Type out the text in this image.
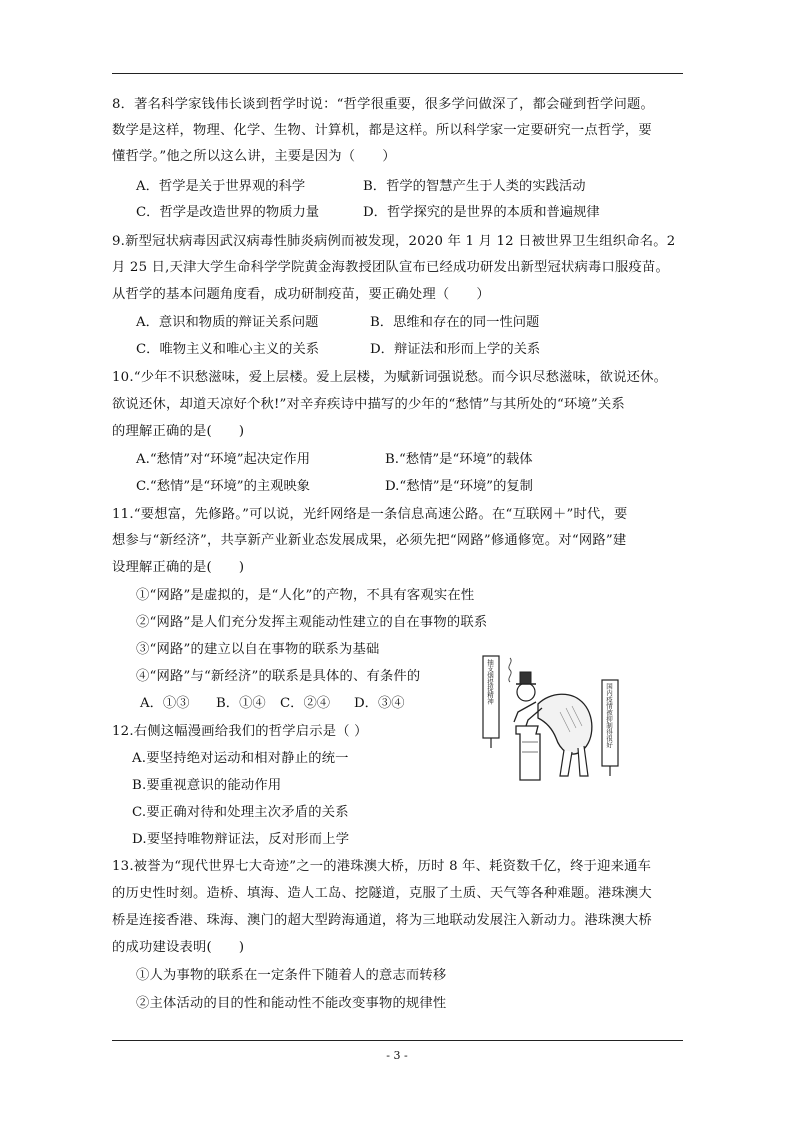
8．著名科学家钱伟长谈到哲学时说：“哲学很重要，很多学问做深了，都会碰到哲学问题。
数学是这样，物理、化学、生物、计算机，都是这样。所以科学家一定要研究一点哲学，要
懂哲学。”他之所以这么讲，主要是因为（　　）
A．哲学是关于世界观的科学	B．哲学的智慧产生于人类的实践活动
C．哲学是改造世界的物质力量	D．哲学探究的是世界的本质和普遍规律
9.新型冠状病毒因武汉病毒性肺炎病例而被发现，2020 年 1 月 12 日被世界卫生组织命名。2
月 25 日,天津大学生命科学学院黄金海教授团队宣布已经成功研发出新型冠状病毒口服疫苗。
从哲学的基本问题角度看，成功研制疫苗，要正确处理（　　）
A．意识和物质的辩证关系问题	B．思维和存在的同一性问题
C．唯物主义和唯心主义的关系	D．辩证法和形而上学的关系
10.“少年不识愁滋味，爱上层楼。爱上层楼，为赋新词强说愁。而今识尽愁滋味，欲说还休。
欲说还休，却道天凉好个秋!”对辛弃疾诗中描写的少年的“愁情”与其所处的“环境”关系
的理解正确的是(　　)
A.“愁情”对“环境”起决定作用	B.“愁情”是“环境”的载体
C.“愁情”是“环境”的主观映象	D.“愁情”是“环境”的复制
11.“要想富，先修路。”可以说，光纤网络是一条信息高速公路。在“互联网＋”时代，要
想参与“新经济”，共享新产业新业态发展成果，必须先把“网路”修通修宽。对“网路”建
设理解正确的是(　　)
①“网路”是虚拟的，是“人化”的产物，不具有客观实在性
②“网路”是人们充分发挥主观能动性建立的自在事物的联系
③“网路”的建立以自在事物的联系为基础
④“网路”与“新经济”的联系是具体的、有条件的
A．①③ B．①④ C．②④ D．③④
12.右侧这幅漫画给我们的哲学启示是（ ）
A.要坚持绝对运动和相对静止的统一
B.要重视意识的能动作用
C.要正确对待和处理主次矛盾的关系
D.要坚持唯物辩证法，反对形而上学
抽支烟提提精神
国内疫情被抑制得很好
13.被誉为“现代世界七大奇迹”之一的港珠澳大桥，历时 8 年、耗资数千亿，终于迎来通车
的历史性时刻。造桥、填海、造人工岛、挖隧道，克服了土质、天气等各种难题。港珠澳大
桥是连接香港、珠海、澳门的超大型跨海通道，将为三地联动发展注入新动力。港珠澳大桥
的成功建设表明(　　)
①人为事物的联系在一定条件下随着人的意志而转移
②主体活动的目的性和能动性不能改变事物的规律性
- 3 -
